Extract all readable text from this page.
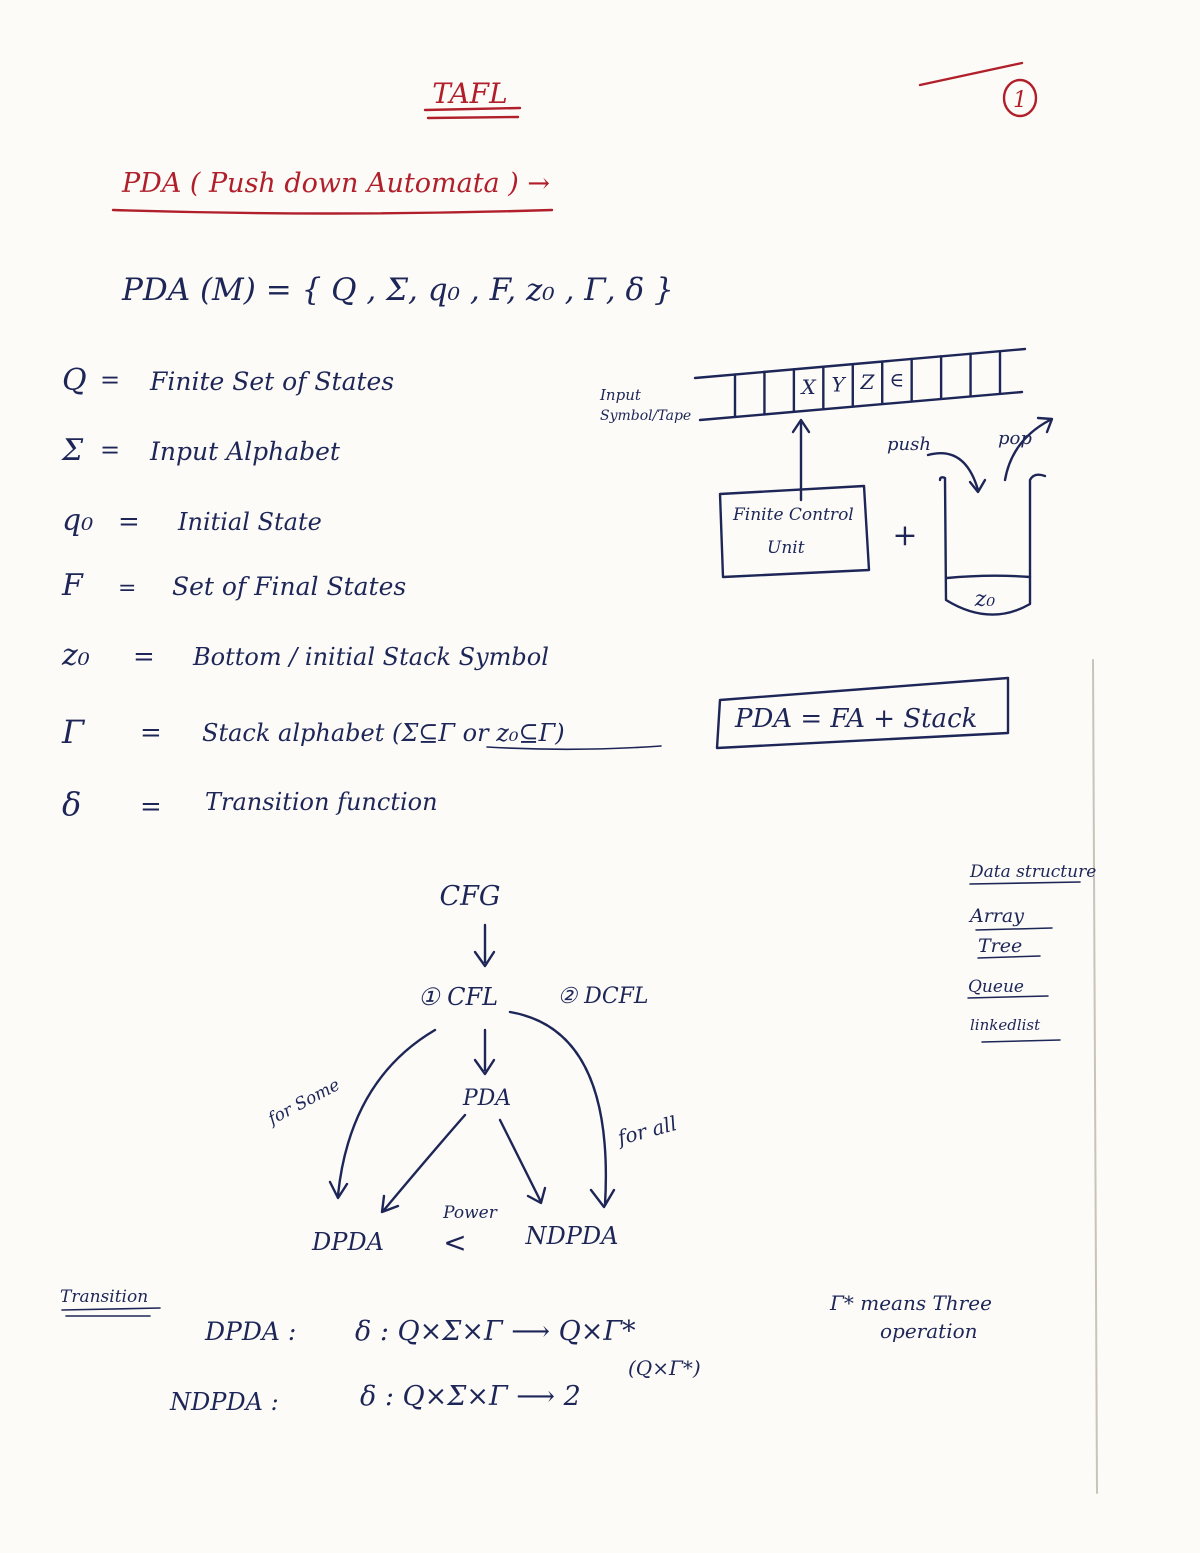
TAFL	1
PDA ( Push down Automata ) →
PDA (M) = { Q , Σ, q₀ , F, z₀ , Γ, δ }
Q = Finite Set of States
Σ = Input Alphabet
q₀ = Initial State
F = Set of Final States
z₀ = Bottom / initial Stack Symbol
Γ = Stack alphabet (Σ⊆Γ or z₀⊆Γ)
δ = Transition function
Input
Symbol/Tape
X Y Z ∈
Finite Control
Unit	+
push	pop
z₀
PDA = FA + Stack
Data structure
Array
Tree
Queue
linkedlist
CFG
① CFL	② DCFL
PDA
for Some
for all
DPDA	NDPDA
Power
<
Transition
DPDA : δ : Q×Σ×Γ ⟶ Q×Γ*
NDPDA :	δ : Q×Σ×Γ ⟶ 2
(Q×Γ*)
Γ* means Three
operation
